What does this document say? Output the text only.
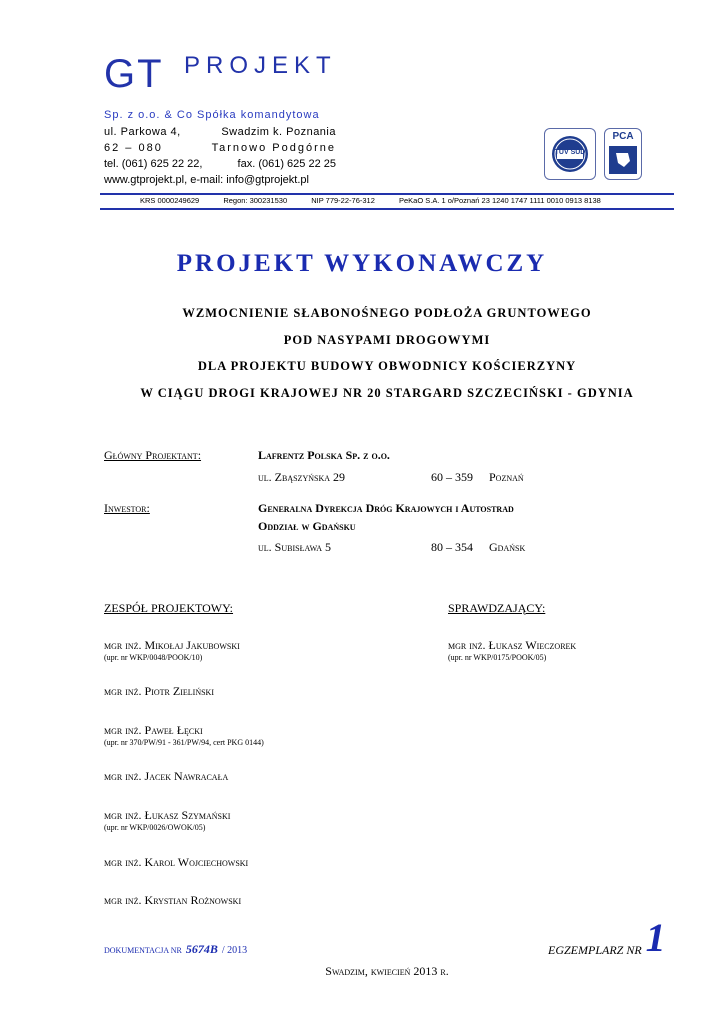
GT PROJEKT
Sp. z o.o. & Co Spółka komandytowa
ul. Parkowa 4,	Swadzim k. Poznania
62 – 080	Tarnowo Podgórne
tel. (061) 625 22 22,	fax. (061) 625 22 25
www.gtprojekt.pl, e-mail: info@gtprojekt.pl
TÜV SÜD
PCA
KRS 0000249629	Regon: 300231530	NIP 779-22-76-312	PeKaO S.A. 1 o/Poznań 23 1240 1747 1111 0010 0913 8138
PROJEKT WYKONAWCZY
WZMOCNIENIE SŁABONOŚNEGO PODŁOŻA GRUNTOWEGO
POD NASYPAMI DROGOWYMI
DLA PROJEKTU BUDOWY OBWODNICY KOŚCIERZYNY
W CIĄGU DROGI KRAJOWEJ NR 20 STARGARD SZCZECIŃSKI - GDYNIA
Główny Projektant:	Lafrentz Polska Sp. z o.o.
ul. Zbąszyńska 29	60 – 359 Poznań
Inwestor:	Generalna Dyrekcja Dróg Krajowych i Autostrad
Oddział w Gdańsku
ul. Subisława 5	80 – 354 Gdańsk
ZESPÓŁ PROJEKTOWY:	SPRAWDZAJĄCY:
mgr inż. Mikołaj Jakubowski
(upr. nr WKP/0048/POOK/10)
mgr inż. Łukasz Wieczorek
(upr. nr WKP/0175/POOK/05)
mgr inż. Piotr Zieliński
mgr inż. Paweł Łęcki
(upr. nr 370/PW/91 - 361/PW/94, cert PKG 0144)
mgr inż. Jacek Nawracała
mgr inż. Łukasz Szymański
(upr. nr WKP/0026/OWOK/05)
mgr inż. Karol Wojciechowski
mgr inż. Krystian Rożnowski
DOKUMENTACJA NR 5674B / 2013	EGZEMPLARZ NR 1
Swadzim, kwiecień 2013 r.
